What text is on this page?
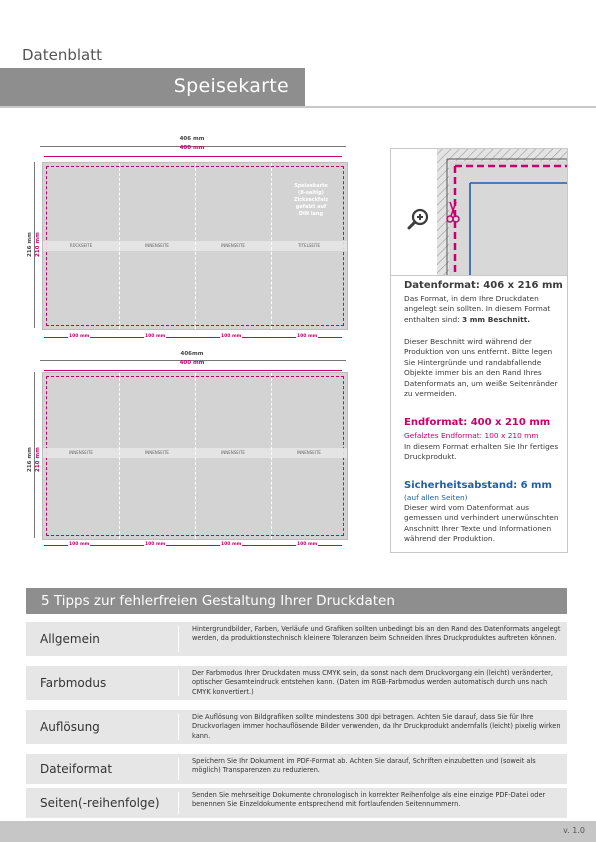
Speisekarte
Datenblatt
406 mm
400 mm
216 mm 210 mm	RÜCKSEITE	INNENSEITE	INNENSEITE	TITELSEITE
Speisekarte
(8-seitig)
Zickzackfalz
gefalzt auf
DIN lang
100 mm	100 mm	100 mm	100 mm
406mm
400 mm
216 mm 210 mm	INNENSEITE	INNENSEITE	INNENSEITE	INNENSEITE
100 mm	100 mm	100 mm	100 mm
Datenformat: 406 x 216 mm
Das Format, in dem Ihre Druckdaten angelegt sein sollten. In diesem Format enthalten sind: 3 mm Beschnitt.
Dieser Beschnitt wird während der Produktion von uns entfernt. Bitte legen Sie Hintergründe und randabfallende Objekte immer bis an den Rand Ihres Datenformats an, um weiße Seitenränder zu vermeiden.
Endformat: 400 x 210 mm
Gefalztes Endformat: 100 x 210 mm
In diesem Format erhalten Sie Ihr fertiges Druckprodukt.
Sicherheitsabstand: 6 mm
(auf allen Seiten)
Dieser wird vom Datenformat aus gemessen und verhindert unerwünschten Anschnitt Ihrer Texte und Informationen während der Produktion.
5 Tipps zur fehlerfreien Gestaltung Ihrer Druckdaten
Allgemein
Hintergrundbilder, Farben, Verläufe und Grafiken sollten unbedingt bis an den Rand des Datenformats angelegt werden, da produktionstechnisch kleinere Toleranzen beim Schneiden Ihres Druckproduktes auftreten können.
Farbmodus
Der Farbmodus Ihrer Druckdaten muss CMYK sein, da sonst nach dem Druckvorgang ein (leicht) veränderter, optischer Gesamteindruck entstehen kann. (Daten im RGB-Farbmodus werden automatisch durch uns nach CMYK konvertiert.)
Auflösung
Die Auflösung von Bildgrafiken sollte mindestens 300 dpi betragen. Achten Sie darauf, dass Sie für Ihre Druckvorlagen immer hochauflösende Bilder verwenden, da Ihr Druckprodukt andernfalls (leicht) pixelig wirken kann.
Dateiformat
Speichern Sie Ihr Dokument im PDF-Format ab. Achten Sie darauf, Schriften einzubetten und (soweit als möglich) Transparenzen zu reduzieren.
Seiten(-reihenfolge)
Senden Sie mehrseitige Dokumente chronologisch in korrekter Reihenfolge als eine einzige PDF-Datei oder benennen Sie Einzeldokumente entsprechend mit fortlaufenden Seitennummern.
v. 1.0
